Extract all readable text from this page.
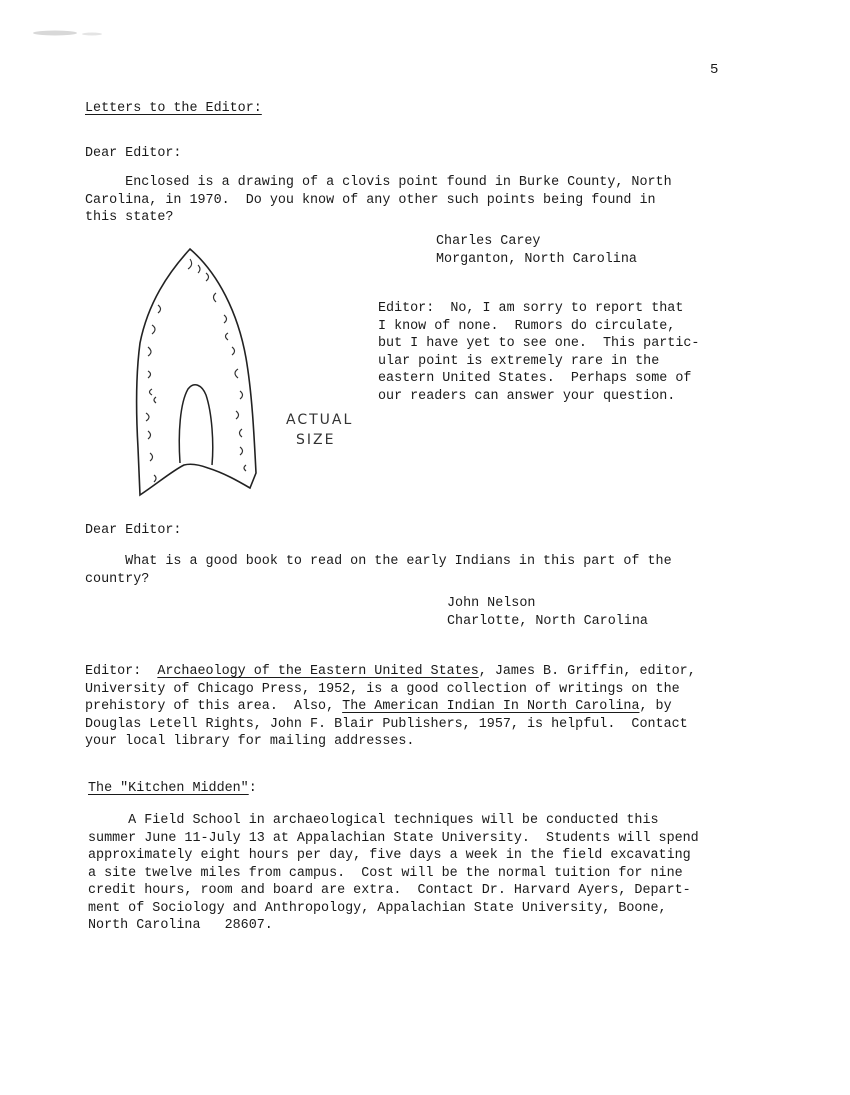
5
Letters to the Editor:
Dear Editor:
Enclosed is a drawing of a clovis point found in Burke County, North
Carolina, in 1970.  Do you know of any other such points being found in
this state?
Charles Carey
Morganton, North Carolina
ACTUAL
SIZE
Editor:  No, I am sorry to report that
I know of none.  Rumors do circulate,
but I have yet to see one.  This partic-
ular point is extremely rare in the
eastern United States.  Perhaps some of
our readers can answer your question.
Dear Editor:
What is a good book to read on the early Indians in this part of the
country?
John Nelson
Charlotte, North Carolina
Editor:  Archaeology of the Eastern United States, James B. Griffin, editor,
University of Chicago Press, 1952, is a good collection of writings on the
prehistory of this area.  Also, The American Indian In North Carolina, by
Douglas Letell Rights, John F. Blair Publishers, 1957, is helpful.  Contact
your local library for mailing addresses.
The "Kitchen Midden":
A Field School in archaeological techniques will be conducted this
summer June 11-July 13 at Appalachian State University.  Students will spend
approximately eight hours per day, five days a week in the field excavating
a site twelve miles from campus.  Cost will be the normal tuition for nine
credit hours, room and board are extra.  Contact Dr. Harvard Ayers, Depart-
ment of Sociology and Anthropology, Appalachian State University, Boone,
North Carolina   28607.
